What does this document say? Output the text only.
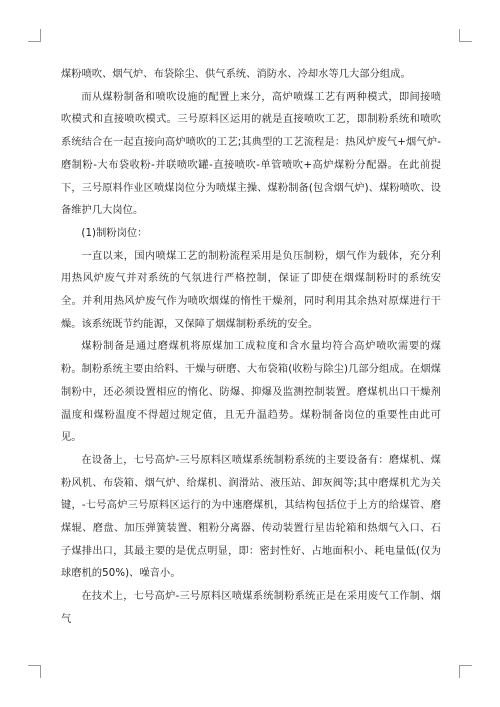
煤粉喷吹、烟气炉、布袋除尘、供气系统、消防水、冷却水等几大部分组成。

而从煤粉制备和喷吹设施的配置上来分，高炉喷煤工艺有两种模式，即间接喷吹模式和直接喷吹模式。三号原料区运用的就是直接喷吹工艺，即制粉系统和喷吹系统结合在一起直接向高炉喷吹的工艺;其典型的工艺流程是：热风炉废气+烟气炉-磨制粉-大布袋收粉-并联喷吹罐-直接喷吹-单管喷吹+高炉煤粉分配器。在此前提下，三号原料作业区喷煤岗位分为喷煤主操、煤粉制备(包含烟气炉)、煤粉喷吹、设备维护几大岗位。

(1)制粉岗位：

一直以来，国内喷煤工艺的制粉流程采用是负压制粉，烟气作为载体，充分利用热风炉废气并对系统的气氛进行严格控制，保证了即使在烟煤制粉时的系统安全。并利用热风炉废气作为喷吹烟煤的惰性干燥剂，同时利用其余热对原煤进行干燥。该系统既节约能源，又保障了烟煤制粉系统的安全。

煤粉制备是通过磨煤机将原煤加工成粒度和含水量均符合高炉喷吹需要的煤粉。制粉系统主要由给料、干燥与研磨、大布袋箱(收粉与除尘)几部分组成。在烟煤制粉中，还必须设置相应的惰化、防爆、抑爆及监测控制装置。磨煤机出口干燥剂温度和煤粉温度不得超过规定值，且无升温趋势。煤粉制备岗位的重要性由此可见。

在设备上，七号高炉-三号原料区喷煤系统制粉系统的主要设备有：磨煤机、煤粉风机、布袋箱、烟气炉、给煤机、润滑站、液压站、卸灰阀等;其中磨煤机尤为关键，-七号高炉三号原料区运行的为中速磨煤机，其结构包括位于上方的给煤管、磨煤辊、磨盘、加压弹簧装置、粗粉分离器、传动装置行星齿轮箱和热烟气入口、石子煤排出口，其最主要的是优点明显，即：密封性好、占地面积小、耗电量低(仅为球磨机的50%)、噪音小。

在技术上，七号高炉-三号原料区喷煤系统制粉系统正是在采用废气工作制、烟气
